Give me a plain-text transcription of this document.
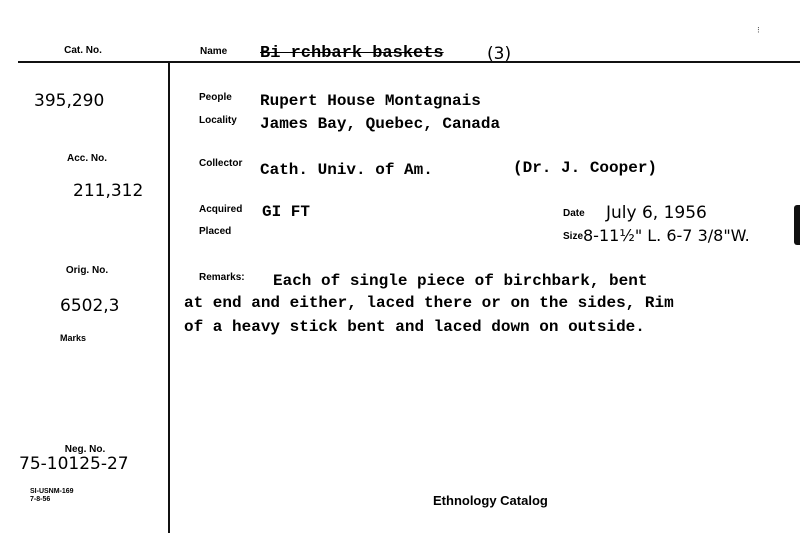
⁝
Cat. No.	Name Bi rchbark baskets	(3)
395,290
Acc. No.
211,312
Orig. No.
6502,3
Marks
Neg. No.
75-10125-27
People Rupert House Montagnais
Locality James Bay, Quebec, Canada
Collector Cath. Univ. of Am.	(Dr. J. Cooper)
Acquired GI FT
Placed
Date July 6, 1956
Size 8-11½" L. 6-7 3/8"W.
Remarks: Each of single piece of birchbark, bent
at end and either, laced there or on the sides, Rim
of a heavy stick bent and laced down on outside.
SI-USNM-169
7-8-56	Ethnology Catalog
